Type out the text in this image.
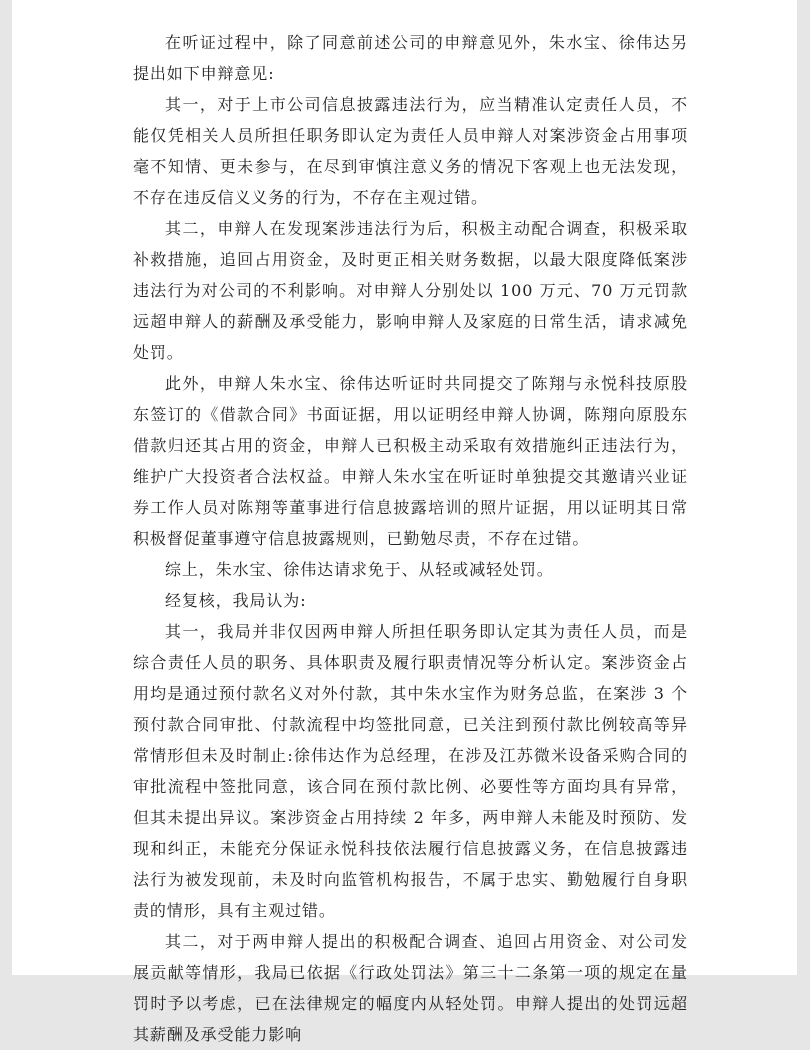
在听证过程中，除了同意前述公司的申辩意见外，朱水宝、徐伟达另提出如下申辩意见:

其一，对于上市公司信息披露违法行为，应当精准认定责任人员，不能仅凭相关人员所担任职务即认定为责任人员申辩人对案涉资金占用事项毫不知情、更未参与，在尽到审慎注意义务的情况下客观上也无法发现，不存在违反信义义务的行为，不存在主观过错。

其二，申辩人在发现案涉违法行为后，积极主动配合调查，积极采取补救措施，追回占用资金，及时更正相关财务数据，以最大限度降低案涉违法行为对公司的不利影响。对申辩人分别处以 100 万元、70 万元罚款远超申辩人的薪酬及承受能力，影响申辩人及家庭的日常生活，请求减免处罚。

此外，申辩人朱水宝、徐伟达听证时共同提交了陈翔与永悦科技原股东签订的《借款合同》书面证据，用以证明经申辩人协调，陈翔向原股东借款归还其占用的资金，申辩人已积极主动采取有效措施纠正违法行为，维护广大投资者合法权益。申辩人朱水宝在听证时单独提交其邀请兴业证券工作人员对陈翔等董事进行信息披露培训的照片证据，用以证明其日常积极督促董事遵守信息披露规则，已勤勉尽责，不存在过错。

综上，朱水宝、徐伟达请求免于、从轻或减轻处罚。

经复核，我局认为:

其一，我局并非仅因两申辩人所担任职务即认定其为责任人员，而是综合责任人员的职务、具体职责及履行职责情况等分析认定。案涉资金占用均是通过预付款名义对外付款，其中朱水宝作为财务总监，在案涉 3 个预付款合同审批、付款流程中均签批同意，已关注到预付款比例较高等异常情形但未及时制止:徐伟达作为总经理，在涉及江苏微米设备采购合同的审批流程中签批同意，该合同在预付款比例、必要性等方面均具有异常，但其未提出异议。案涉资金占用持续 2 年多，两申辩人未能及时预防、发现和纠正，未能充分保证永悦科技依法履行信息披露义务，在信息披露违法行为被发现前，未及时向监管机构报告，不属于忠实、勤勉履行自身职责的情形，具有主观过错。

其二，对于两申辩人提出的积极配合调查、追回占用资金、对公司发展贡献等情形，我局已依据《行政处罚法》第三十二条第一项的规定在量罚时予以考虑，已在法律规定的幅度内从轻处罚。申辩人提出的处罚远超其薪酬及承受能力影响
